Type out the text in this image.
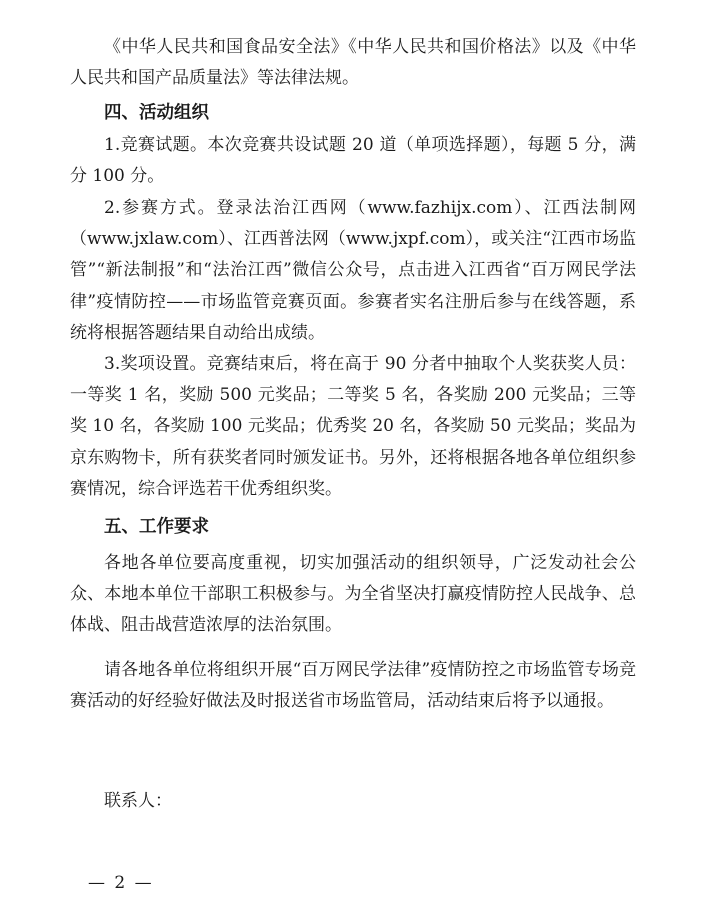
《中华人民共和国食品安全法》《中华人民共和国价格法》以及《中华人民共和国产品质量法》等法律法规。

四、活动组织

1.竞赛试题。本次竞赛共设试题 20 道（单项选择题），每题 5 分，满分 100 分。

2.参赛方式。登录法治江西网（www.fazhijx.com）、江西法制网（www.jxlaw.com）、江西普法网（www.jxpf.com），或关注“江西市场监管”“新法制报”和“法治江西”微信公众号，点击进入江西省“百万网民学法律”疫情防控——市场监管竞赛页面。参赛者实名注册后参与在线答题，系统将根据答题结果自动给出成绩。

3.奖项设置。竞赛结束后，将在高于 90 分者中抽取个人奖获奖人员：一等奖 1 名，奖励 500 元奖品；二等奖 5 名，各奖励 200 元奖品；三等奖 10 名，各奖励 100 元奖品；优秀奖 20 名，各奖励 50 元奖品；奖品为京东购物卡，所有获奖者同时颁发证书。另外，还将根据各地各单位组织参赛情况，综合评选若干优秀组织奖。

五、工作要求

各地各单位要高度重视，切实加强活动的组织领导，广泛发动社会公众、本地本单位干部职工积极参与。为全省坚决打赢疫情防控人民战争、总体战、阻击战营造浓厚的法治氛围。

请各地各单位将组织开展“百万网民学法律”疫情防控之市场监管专场竞赛活动的好经验好做法及时报送省市场监管局，活动结束后将予以通报。

联系人：

— 2 —
